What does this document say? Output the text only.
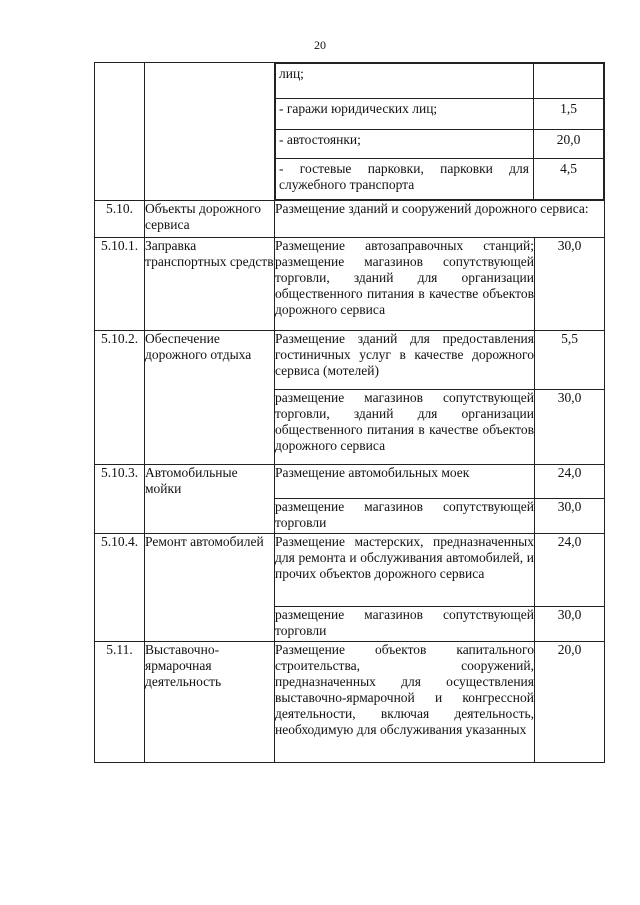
20

лиц;	
- гаражи юридических лиц;	1,5
- автостоянки;	20,0
- гостевые парковки, парковки для служебного транспорта	4,5

5.10.	Объекты дорожного сервиса	Размещение зданий и сооружений дорожного сервиса:
5.10.1.	Заправка транспортных средств	Размещение автозаправочных станций; размещение магазинов сопутствующей торговли, зданий для организации общественного питания в качестве объектов дорожного сервиса	30,0
5.10.2.	Обеспечение дорожного отдыха	Размещение зданий для предоставления гостиничных услуг в качестве дорожного сервиса (мотелей)	5,5
размещение магазинов сопутствующей торговли, зданий для организации общественного питания в качестве объектов дорожного сервиса	30,0
5.10.3.	Автомобильные мойки	Размещение автомобильных моек	24,0
размещение магазинов сопутствующей торговли	30,0
5.10.4.	Ремонт автомобилей	Размещение мастерских, предназначенных для ремонта и обслуживания автомобилей, и прочих объектов дорожного сервиса	24,0
размещение магазинов сопутствующей торговли	30,0
5.11.	Выставочно-ярмарочная деятельность	Размещение объектов капитального строительства, сооружений, предназначенных для осуществления выставочно-ярмарочной и конгрессной деятельности, включая деятельность, необходимую для обслуживания указанных	20,0
